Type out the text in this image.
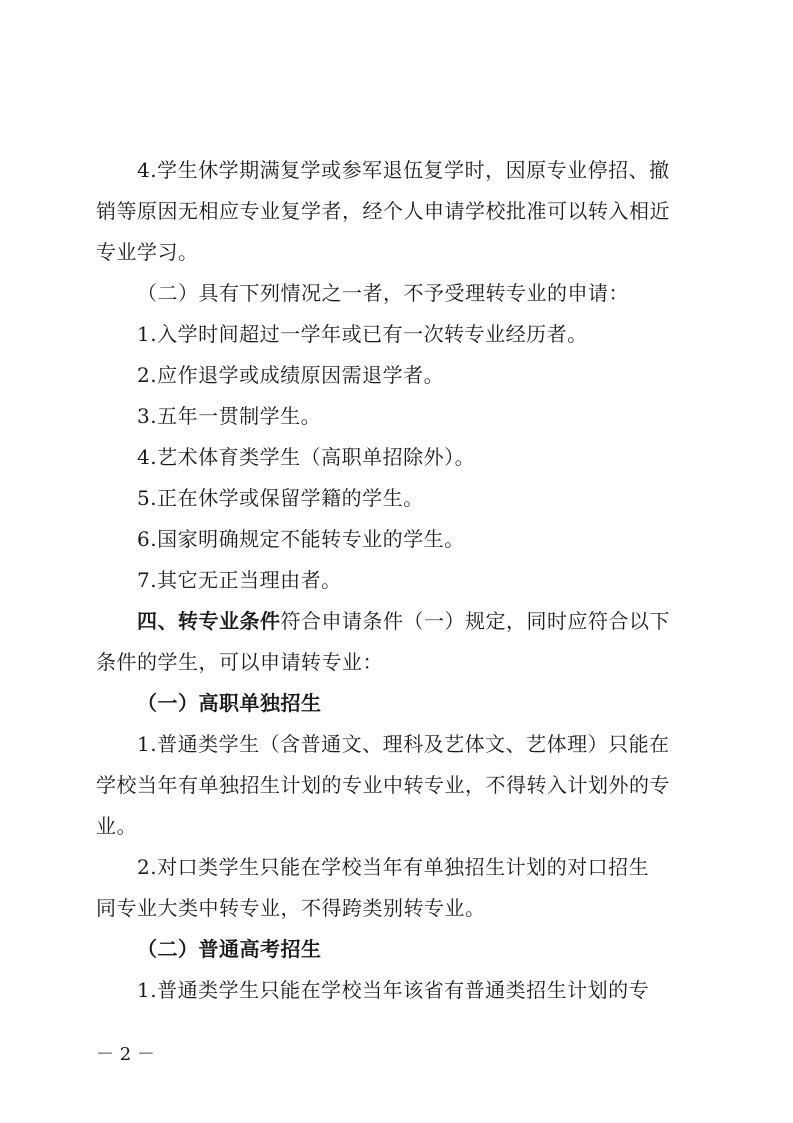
4.学生休学期满复学或参军退伍复学时，因原专业停招、撤
销等原因无相应专业复学者，经个人申请学校批准可以转入相近
专业学习。
（二）具有下列情况之一者，不予受理转专业的申请：
1.入学时间超过一学年或已有一次转专业经历者。
2.应作退学或成绩原因需退学者。
3.五年一贯制学生。
4.艺术体育类学生（高职单招除外）。
5.正在休学或保留学籍的学生。
6.国家明确规定不能转专业的学生。
7.其它无正当理由者。
四、转专业条件符合申请条件（一）规定，同时应符合以下
条件的学生，可以申请转专业：
（一）高职单独招生
1.普通类学生（含普通文、理科及艺体文、艺体理）只能在
学校当年有单独招生计划的专业中转专业，不得转入计划外的专
业。
2.对口类学生只能在学校当年有单独招生计划的对口招生
同专业大类中转专业，不得跨类别转专业。
（二）普通高考招生
1.普通类学生只能在学校当年该省有普通类招生计划的专
－ 2 －
